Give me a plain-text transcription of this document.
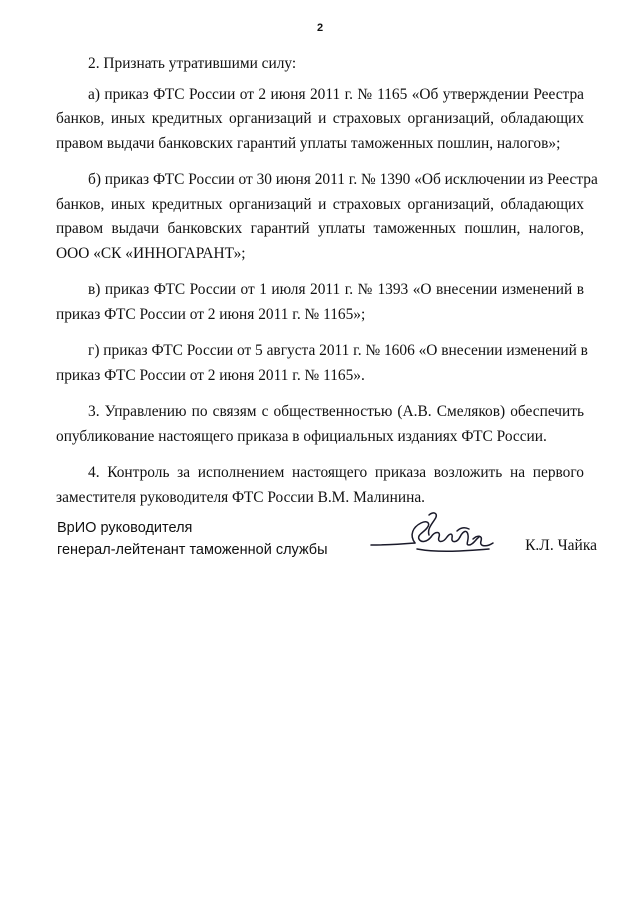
2
2. Признать утратившими силу:
а) приказ ФТС России от 2 июня 2011 г. № 1165 «Об утверждении Реестра
банков, иных кредитных организаций и страховых организаций, обладающих
правом выдачи банковских гарантий уплаты таможенных пошлин, налогов»;
б) приказ ФТС России от 30 июня 2011 г. № 1390 «Об исключении из Реестра
банков, иных кредитных организаций и страховых организаций, обладающих
правом выдачи банковских гарантий уплаты таможенных пошлин, налогов,
ООО «СК «ИННОГАРАНТ»;
в) приказ ФТС России от 1 июля 2011 г. № 1393 «О внесении изменений в
приказ ФТС России от 2 июня 2011 г. № 1165»;
г) приказ ФТС России от 5 августа 2011 г. № 1606 «О внесении изменений в
приказ ФТС России от 2 июня 2011 г. № 1165».
3. Управлению по связям с общественностью (А.В. Смеляков) обеспечить
опубликование настоящего приказа в официальных изданиях ФТС России.
4. Контроль за исполнением настоящего приказа возложить на первого
заместителя руководителя ФТС России В.М. Малинина.
ВрИО руководителя
генерал-лейтенант таможенной службы	К.Л. Чайка
